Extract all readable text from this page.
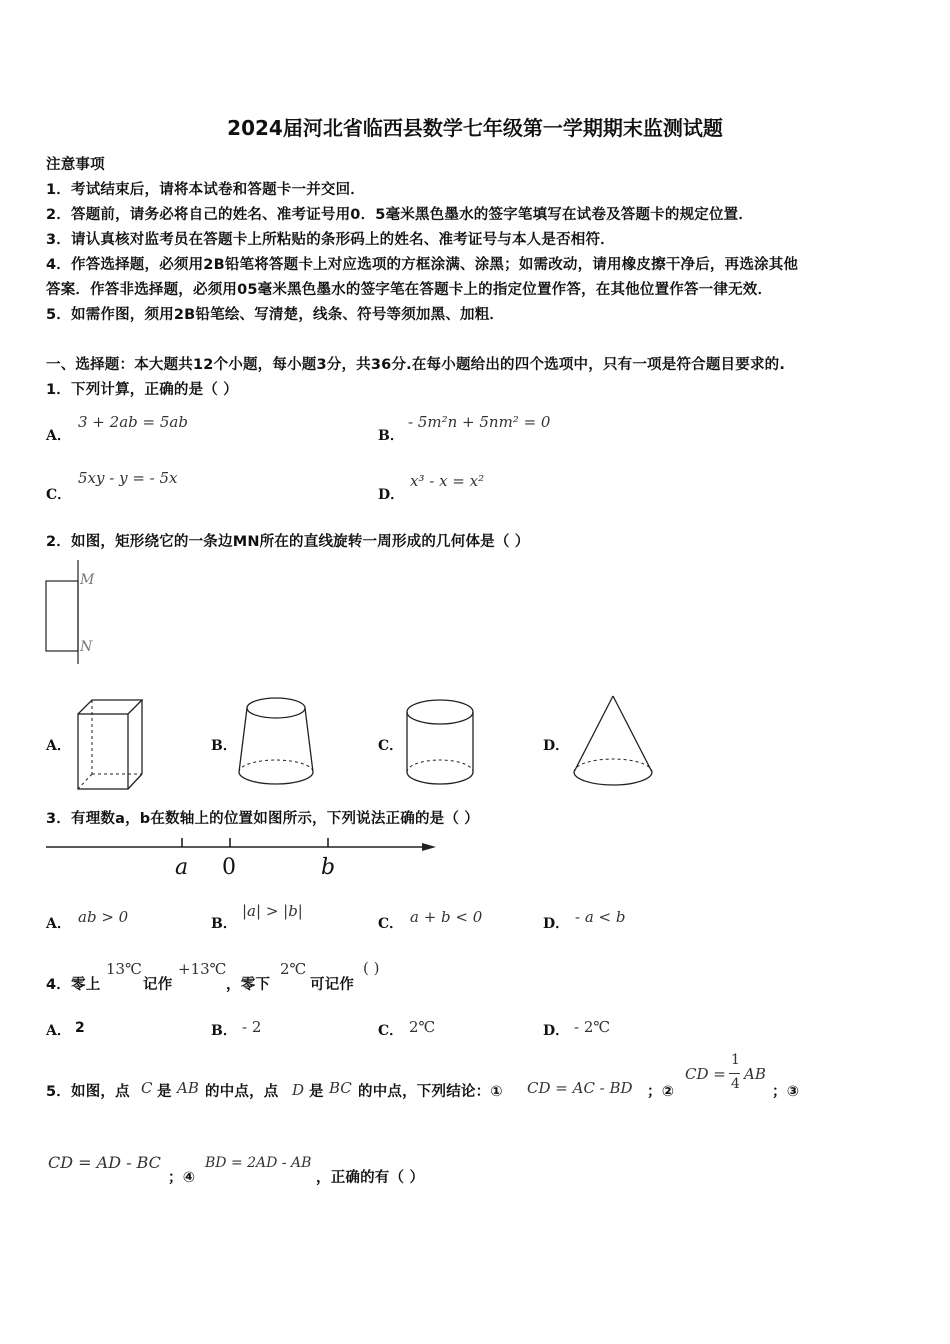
2024届河北省临西县数学七年级第一学期期末监测试题
注意事项
1．考试结束后，请将本试卷和答题卡一并交回．
2．答题前，请务必将自己的姓名、准考证号用0．5毫米黑色墨水的签字笔填写在试卷及答题卡的规定位置．
3．请认真核对监考员在答题卡上所粘贴的条形码上的姓名、准考证号与本人是否相符．
4．作答选择题，必须用2B铅笔将答题卡上对应选项的方框涂满、涂黑；如需改动，请用橡皮擦干净后，再选涂其他
答案．作答非选择题，必须用05毫米黑色墨水的签字笔在答题卡上的指定位置作答，在其他位置作答一律无效．
5．如需作图，须用2B铅笔绘、写清楚，线条、符号等须加黑、加粗．
一、选择题：本大题共12个小题，每小题3分，共36分.在每小题给出的四个选项中，只有一项是符合题目要求的.
1．下列计算，正确的是（ ）
A．
3 + 2ab = 5ab
B．
- 5m²n + 5nm² = 0
C．
5xy - y = - 5x
D．
x³ - x = x²
2．如图，矩形绕它的一条边MN所在的直线旋转一周形成的几何体是（ ）
M
N
A．	B．	C．	D．
3．有理数a，b在数轴上的位置如图所示，下列说法正确的是（ ）
a 0	b
A． ab > 0	B．
|a| > |b|
C． a + b < 0	D． - a < b
4．零上
13℃
记作
+13℃
，零下
2℃
可记作
( )
A． 2	B． - 2	C． 2℃	D． - 2℃
5．如图，点 C 是 AB 的中点，点 D 是 BC 的中点，下列结论：① CD = AC - BD ；②
CD =
1
4
AB
；③
CD = AD - BC
；④
BD = 2AD - AB
，正确的有（ ）
